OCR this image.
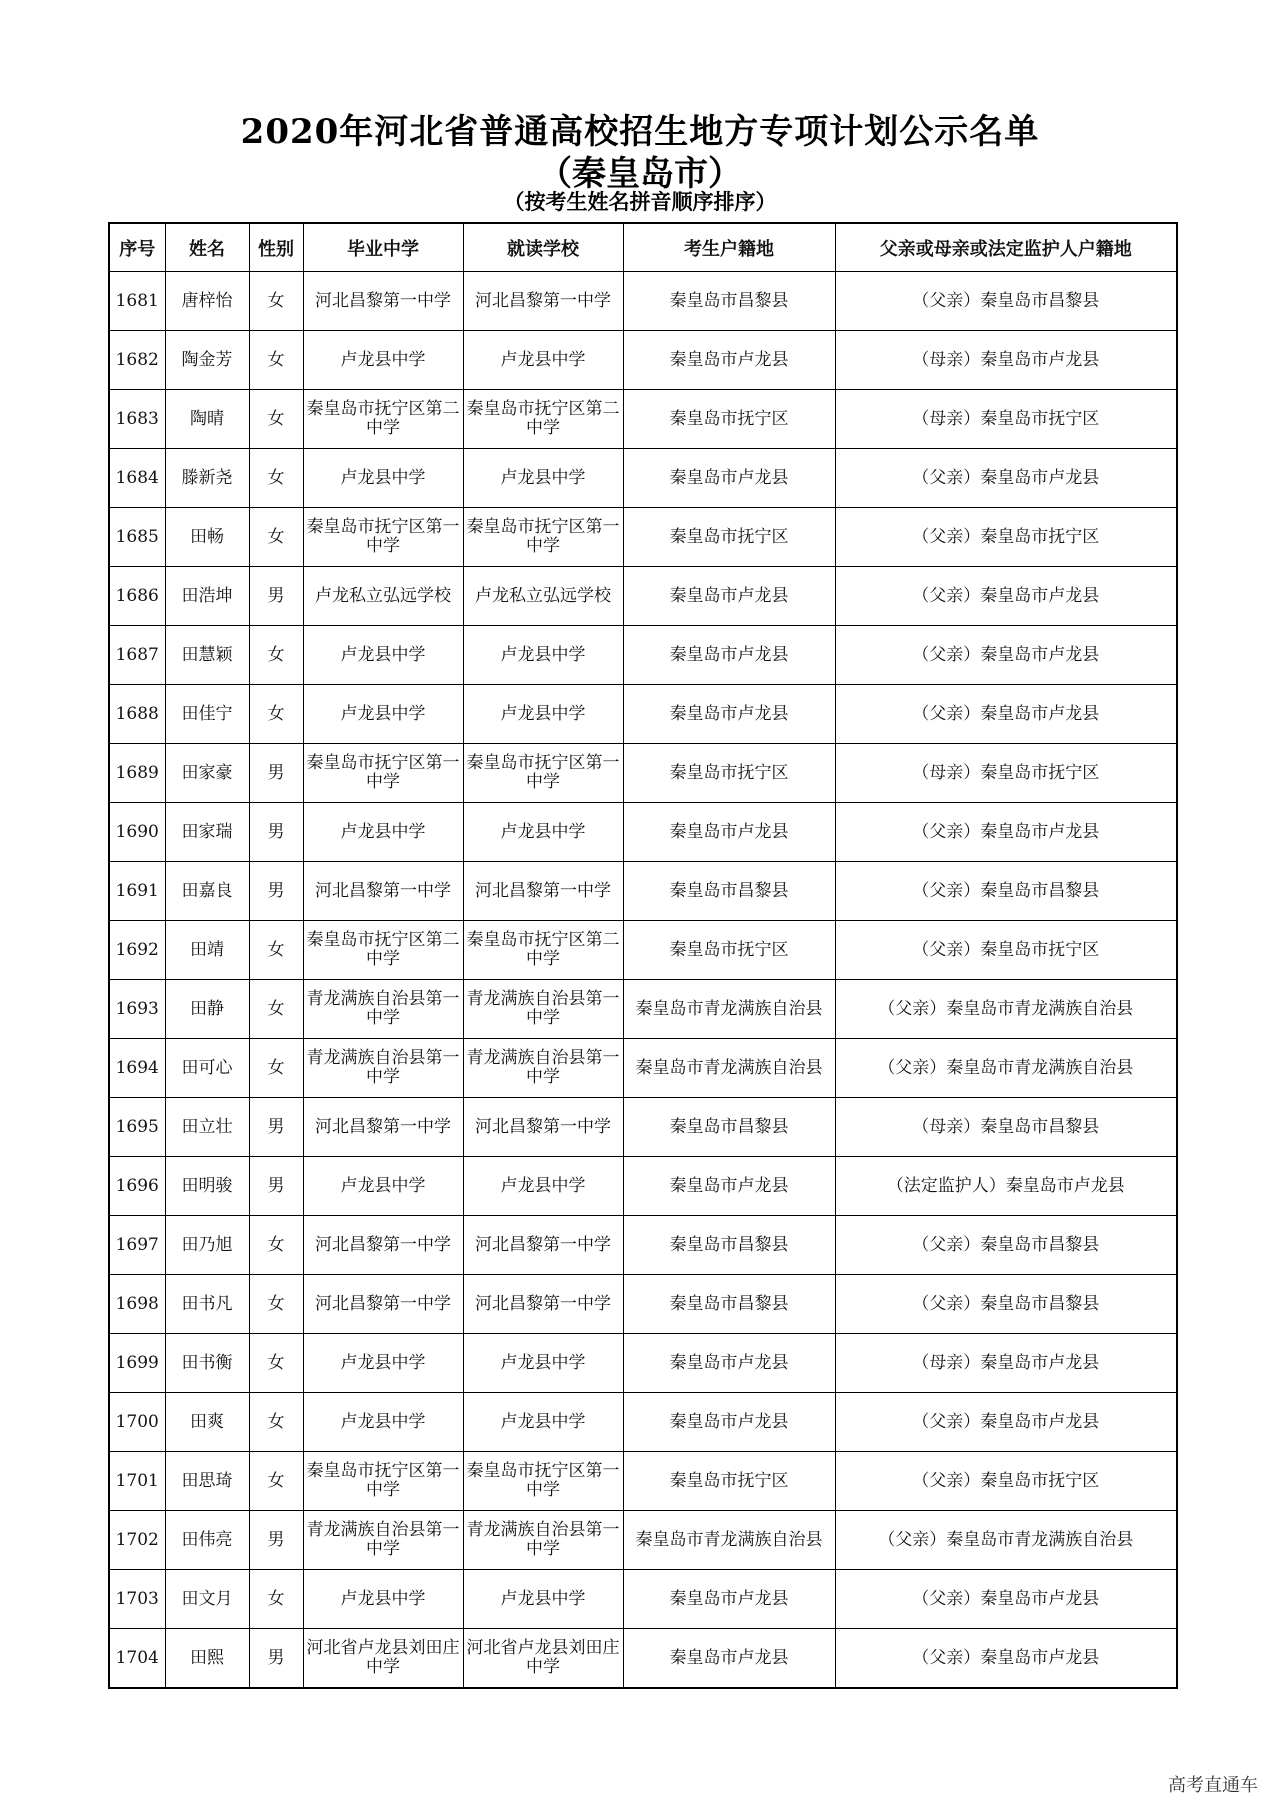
2020年河北省普通高校招生地方专项计划公示名单
（秦皇岛市）
（按考生姓名拼音顺序排序）
序号	姓名	性别	毕业中学	就读学校	考生户籍地	父亲或母亲或法定监护人户籍地
1681	唐梓怡	女	河北昌黎第一中学	河北昌黎第一中学	秦皇岛市昌黎县	（父亲）秦皇岛市昌黎县
1682	陶金芳	女	卢龙县中学	卢龙县中学	秦皇岛市卢龙县	（母亲）秦皇岛市卢龙县
1683	陶晴	女	秦皇岛市抚宁区第二中学	秦皇岛市抚宁区第二中学	秦皇岛市抚宁区	（母亲）秦皇岛市抚宁区
1684	滕新尧	女	卢龙县中学	卢龙县中学	秦皇岛市卢龙县	（父亲）秦皇岛市卢龙县
1685	田畅	女	秦皇岛市抚宁区第一中学	秦皇岛市抚宁区第一中学	秦皇岛市抚宁区	（父亲）秦皇岛市抚宁区
1686	田浩坤	男	卢龙私立弘远学校	卢龙私立弘远学校	秦皇岛市卢龙县	（父亲）秦皇岛市卢龙县
1687	田慧颖	女	卢龙县中学	卢龙县中学	秦皇岛市卢龙县	（父亲）秦皇岛市卢龙县
1688	田佳宁	女	卢龙县中学	卢龙县中学	秦皇岛市卢龙县	（父亲）秦皇岛市卢龙县
1689	田家豪	男	秦皇岛市抚宁区第一中学	秦皇岛市抚宁区第一中学	秦皇岛市抚宁区	（母亲）秦皇岛市抚宁区
1690	田家瑞	男	卢龙县中学	卢龙县中学	秦皇岛市卢龙县	（父亲）秦皇岛市卢龙县
1691	田嘉良	男	河北昌黎第一中学	河北昌黎第一中学	秦皇岛市昌黎县	（父亲）秦皇岛市昌黎县
1692	田靖	女	秦皇岛市抚宁区第二中学	秦皇岛市抚宁区第二中学	秦皇岛市抚宁区	（父亲）秦皇岛市抚宁区
1693	田静	女	青龙满族自治县第一中学	青龙满族自治县第一中学	秦皇岛市青龙满族自治县	（父亲）秦皇岛市青龙满族自治县
1694	田可心	女	青龙满族自治县第一中学	青龙满族自治县第一中学	秦皇岛市青龙满族自治县	（父亲）秦皇岛市青龙满族自治县
1695	田立壮	男	河北昌黎第一中学	河北昌黎第一中学	秦皇岛市昌黎县	（母亲）秦皇岛市昌黎县
1696	田明骏	男	卢龙县中学	卢龙县中学	秦皇岛市卢龙县	（法定监护人）秦皇岛市卢龙县
1697	田乃旭	女	河北昌黎第一中学	河北昌黎第一中学	秦皇岛市昌黎县	（父亲）秦皇岛市昌黎县
1698	田书凡	女	河北昌黎第一中学	河北昌黎第一中学	秦皇岛市昌黎县	（父亲）秦皇岛市昌黎县
1699	田书衡	女	卢龙县中学	卢龙县中学	秦皇岛市卢龙县	（母亲）秦皇岛市卢龙县
1700	田爽	女	卢龙县中学	卢龙县中学	秦皇岛市卢龙县	（父亲）秦皇岛市卢龙县
1701	田思琦	女	秦皇岛市抚宁区第一中学	秦皇岛市抚宁区第一中学	秦皇岛市抚宁区	（父亲）秦皇岛市抚宁区
1702	田伟亮	男	青龙满族自治县第一中学	青龙满族自治县第一中学	秦皇岛市青龙满族自治县	（父亲）秦皇岛市青龙满族自治县
1703	田文月	女	卢龙县中学	卢龙县中学	秦皇岛市卢龙县	（父亲）秦皇岛市卢龙县
1704	田熙	男	河北省卢龙县刘田庄中学	河北省卢龙县刘田庄中学	秦皇岛市卢龙县	（父亲）秦皇岛市卢龙县
高考直通车
